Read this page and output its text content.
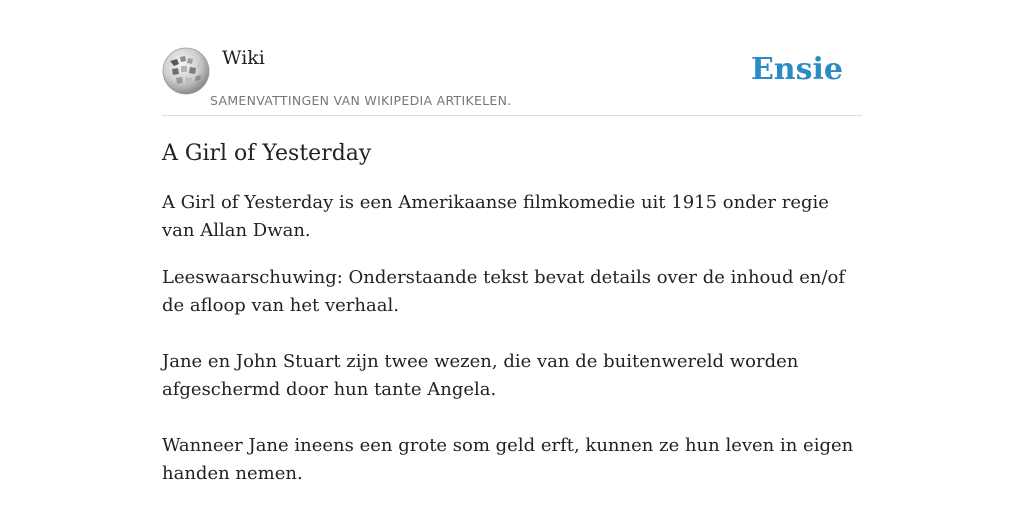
Wiki
SAMENVATTINGEN VAN WIKIPEDIA ARTIKELEN.
Ensie
A Girl of Yesterday

A Girl of Yesterday is een Amerikaanse filmkomedie uit 1915 onder regie van Allan Dwan.

Leeswaarschuwing: Onderstaande tekst bevat details over de inhoud en/of de afloop van het verhaal.

Jane en John Stuart zijn twee wezen, die van de buitenwereld worden afgeschermd door hun tante Angela.

Wanneer Jane ineens een grote som geld erft, kunnen ze hun leven in eigen handen nemen.
